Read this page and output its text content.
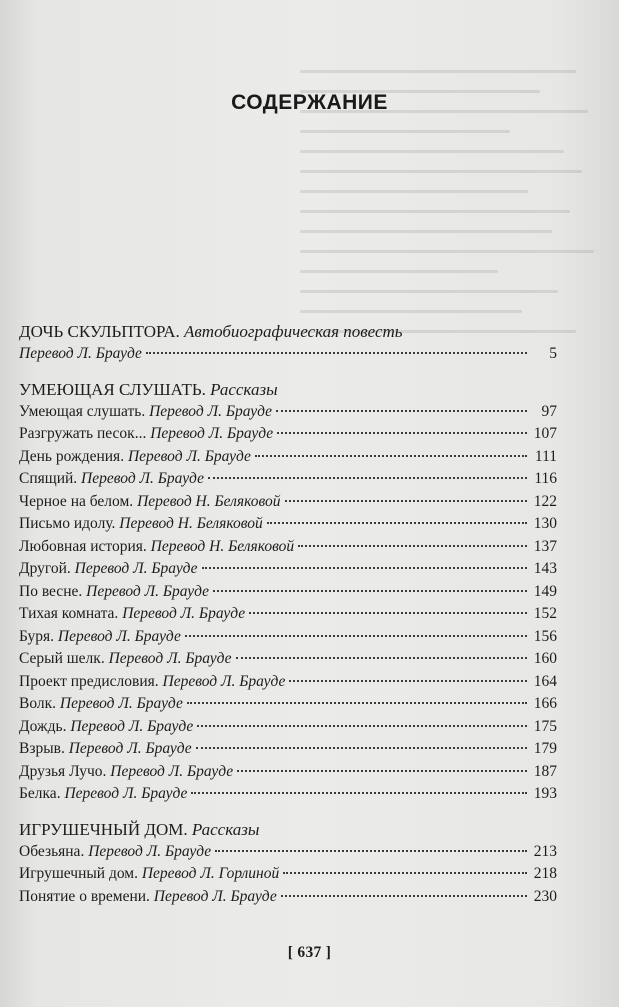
СОДЕРЖАНИЕ
ДОЧЬ СКУЛЬПТОРА. Автобиографическая повесть
Перевод Л. Брауде	5
УМЕЮЩАЯ СЛУШАТЬ. Рассказы
Умеющая слушать. Перевод Л. Брауде	97
Разгружать песок... Перевод Л. Брауде	107
День рождения. Перевод Л. Брауде	111
Спящий. Перевод Л. Брауде	116
Черное на белом. Перевод Н. Беляковой	122
Письмо идолу. Перевод Н. Беляковой	130
Любовная история. Перевод Н. Беляковой	137
Другой. Перевод Л. Брауде	143
По весне. Перевод Л. Брауде	149
Тихая комната. Перевод Л. Брауде	152
Буря. Перевод Л. Брауде	156
Серый шелк. Перевод Л. Брауде	160
Проект предисловия. Перевод Л. Брауде	164
Волк. Перевод Л. Брауде	166
Дождь. Перевод Л. Брауде	175
Взрыв. Перевод Л. Брауде	179
Друзья Лучо. Перевод Л. Брауде	187
Белка. Перевод Л. Брауде	193
ИГРУШЕЧНЫЙ ДОМ. Рассказы
Обезьяна. Перевод Л. Брауде	213
Игрушечный дом. Перевод Л. Горлиной	218
Понятие о времени. Перевод Л. Брауде	230
[ 637 ]
